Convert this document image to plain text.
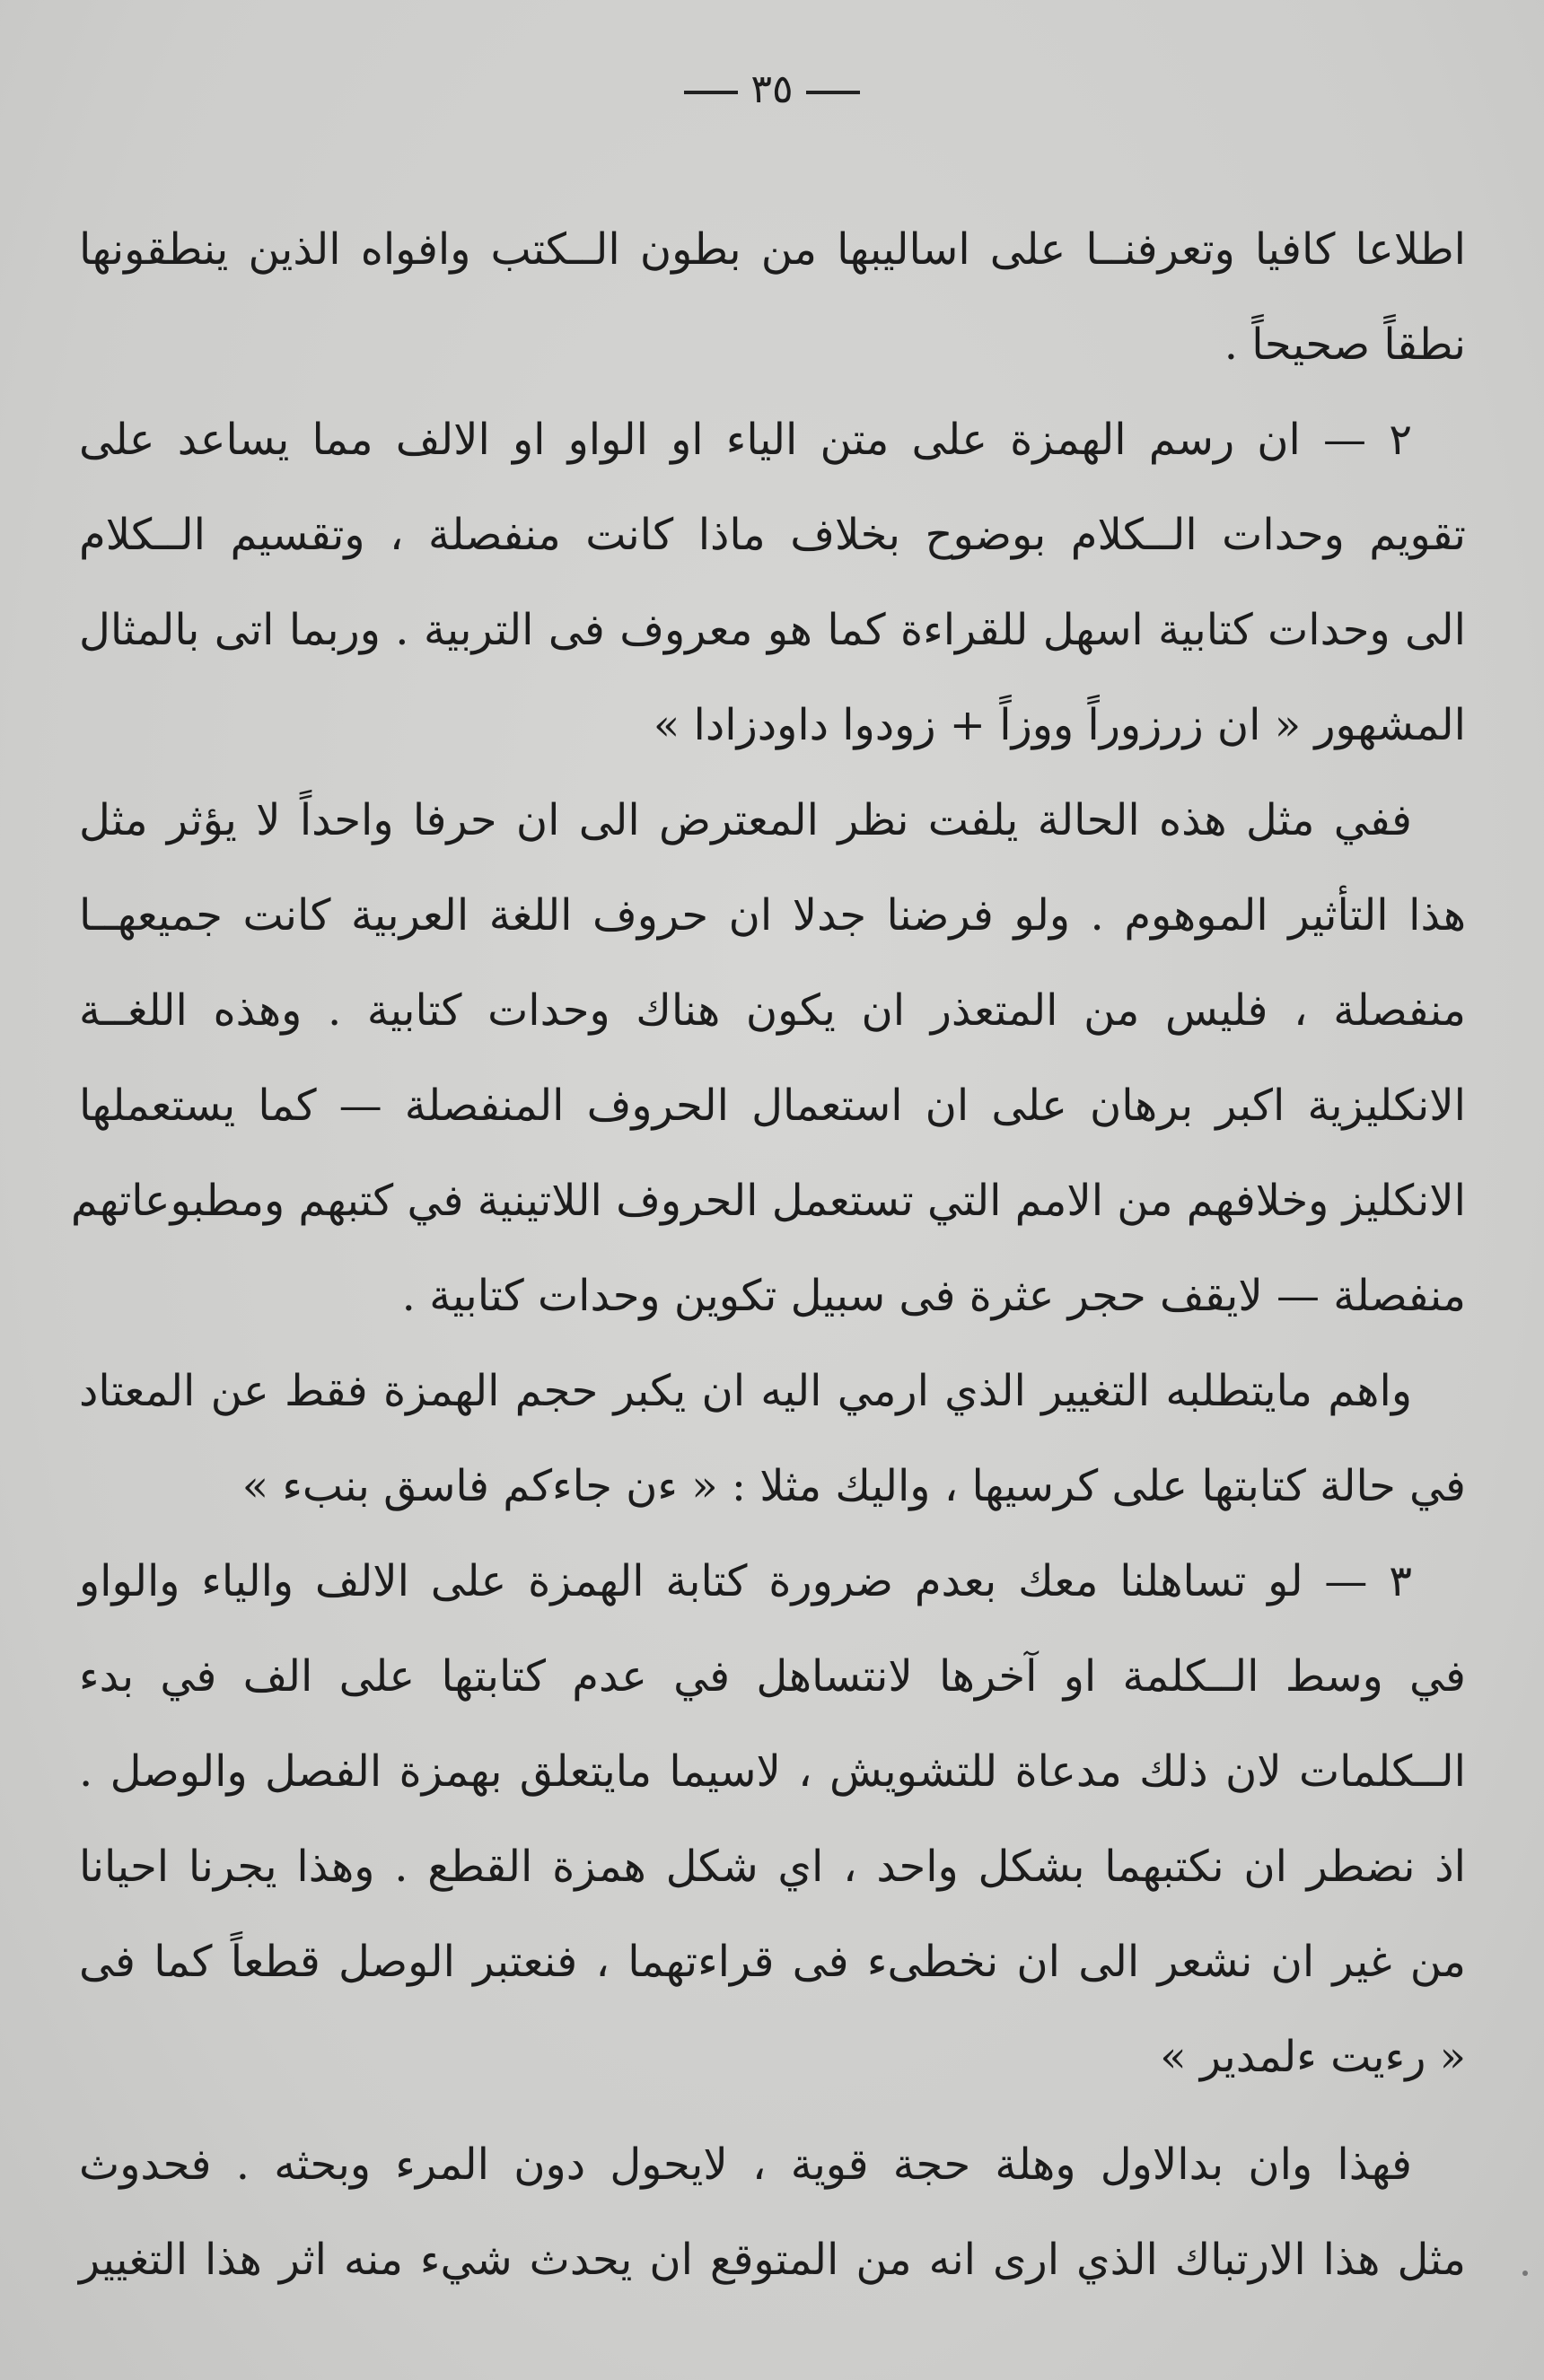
٣٥
اطلاعا كافيا وتعرفنــا على اساليبها من بطون الــكتب وافواه الذين ينطقونها
نطقاً صحيحاً .
٢ — ان رسم الهمزة على متن الياء او الواو او الالف مما يساعد على
تقويم وحدات الــكلام بوضوح بخلاف ماذا كانت منفصلة ، وتقسيم الــكلام
الى وحدات كتابية اسهل للقراءة كما هو معروف فى التربية . وربما اتى بالمثال
المشهور « ان زرزوراً ووزاً + زودوا داودزادا »
ففي مثل هذه الحالة يلفت نظر المعترض الى ان حرفا واحداً لا يؤثر مثل
هذا التأثير الموهوم . ولو فرضنا جدلا ان حروف اللغة العربية كانت جميعهــا
منفصلة ، فليس من المتعذر ان يكون هناك وحدات كتابية . وهذه اللغــة
الانكليزية اكبر برهان على ان استعمال الحروف المنفصلة — كما يستعملها
الانكليز وخلافهم من الامم التي تستعمل الحروف اللاتينية في كتبهم ومطبوعاتهم
منفصلة — لايقف حجر عثرة فى سبيل تكوين وحدات كتابية .
واهم مايتطلبه التغيير الذي ارمي اليه ان يكبر حجم الهمزة فقط عن المعتاد
في حالة كتابتها على كرسيها ، واليك مثلا : « ءن جاءكم فاسق بنبء »
٣ — لو تساهلنا معك بعدم ضرورة كتابة الهمزة على الالف والياء والواو
في وسط الــكلمة او آخرها لانتساهل في عدم كتابتها على الف في بدء
الــكلمات لان ذلك مدعاة للتشويش ، لاسيما مايتعلق بهمزة الفصل والوصل .
اذ نضطر ان نكتبهما بشكل واحد ، اي شكل همزة القطع . وهذا يجرنا احيانا
من غير ان نشعر الى ان نخطىء فى قراءتهما ، فنعتبر الوصل قطعاً كما فى
« رءيت ءلمدير »
فهذا وان بدالاول وهلة حجة قوية ، لايحول دون المرء وبحثه . فحدوث
مثل هذا الارتباك الذي ارى انه من المتوقع ان يحدث شيء منه اثر هذا التغيير
